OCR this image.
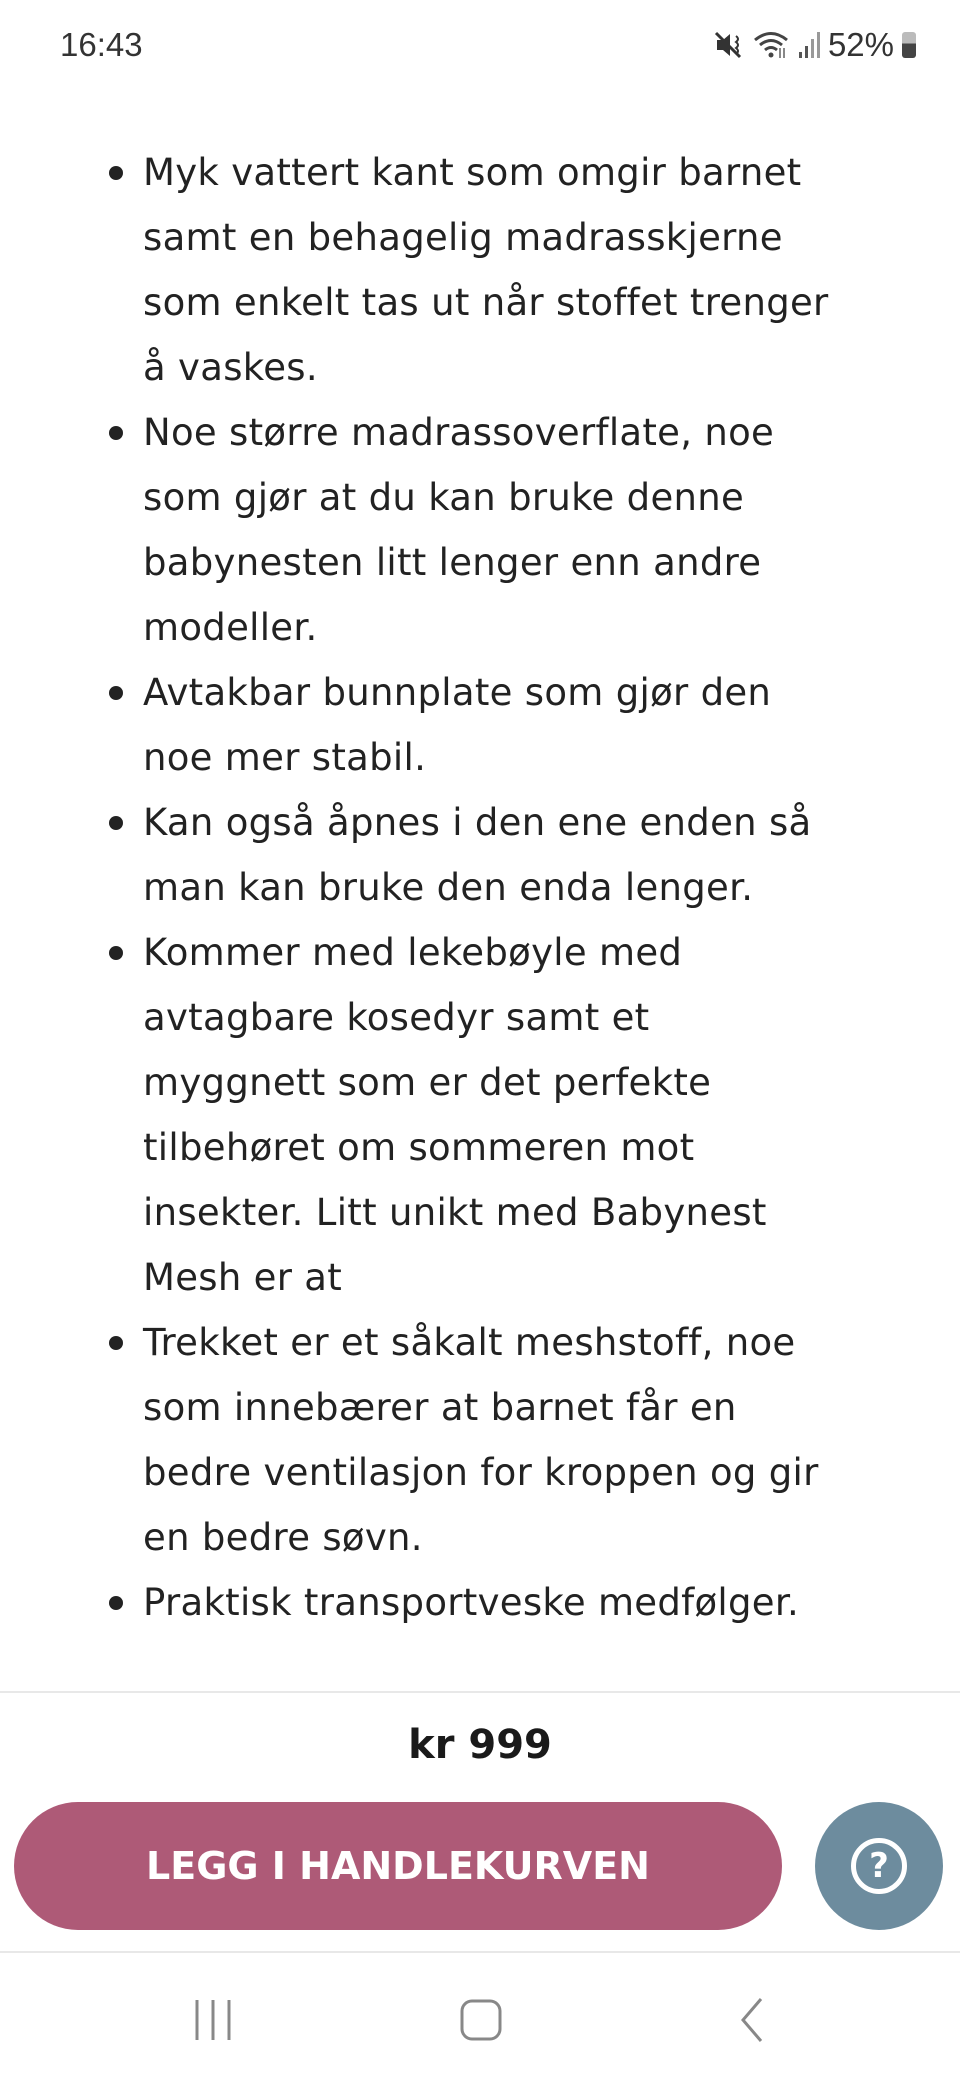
16:43	52%
Myk vattert kant som omgir barnet
samt en behagelig madrasskjerne
som enkelt tas ut når stoffet trenger
å vaskes.
Noe større madrassoverflate, noe
som gjør at du kan bruke denne
babynesten litt lenger enn andre
modeller.
Avtakbar bunnplate som gjør den
noe mer stabil.
Kan også åpnes i den ene enden så
man kan bruke den enda lenger.
Kommer med lekebøyle med
avtagbare kosedyr samt et
myggnett som er det perfekte
tilbehøret om sommeren mot
insekter. Litt unikt med Babynest
Mesh er at
Trekket er et såkalt meshstoff, noe
som innebærer at barnet får en
bedre ventilasjon for kroppen og gir
en bedre søvn.
Praktisk transportveske medfølger.
kr 999
LEGG I HANDLEKURVEN	?
